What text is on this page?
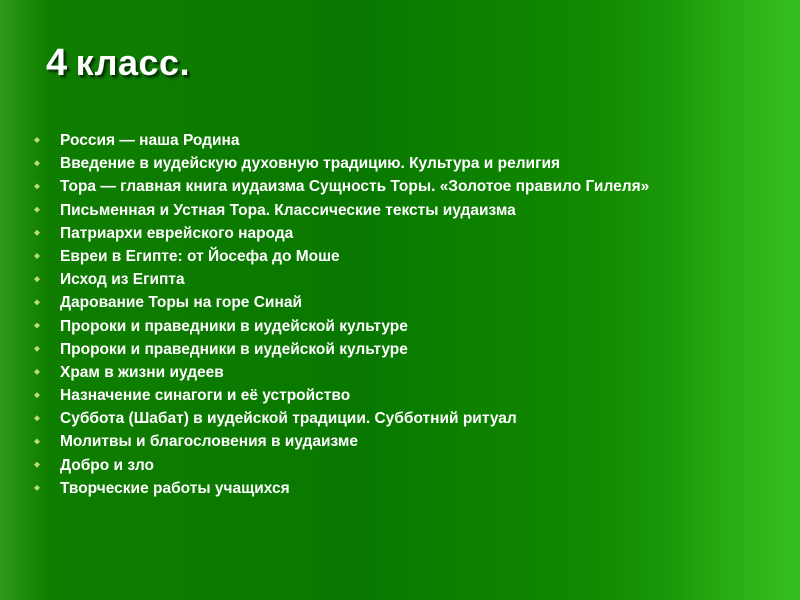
4 класс.
Россия — наша Родина
Введение в иудейскую духовную традицию. Культура и религия
Тора — главная книга иудаизма Сущность Торы. «Золотое правило Гилеля»
Письменная и Устная Тора. Классические тексты иудаизма
Патриархи еврейского народа
Евреи в Египте: от Йосефа до Моше
Исход из Египта
Дарование Торы на горе Синай
Пророки и праведники в иудейской культуре
Пророки и праведники в иудейской культуре
Храм в жизни иудеев
Назначение синагоги и её устройство
Суббота (Шабат) в иудейской традиции. Субботний ритуал
Молитвы и благословения в иудаизме
Добро и зло
Творческие работы учащихся
